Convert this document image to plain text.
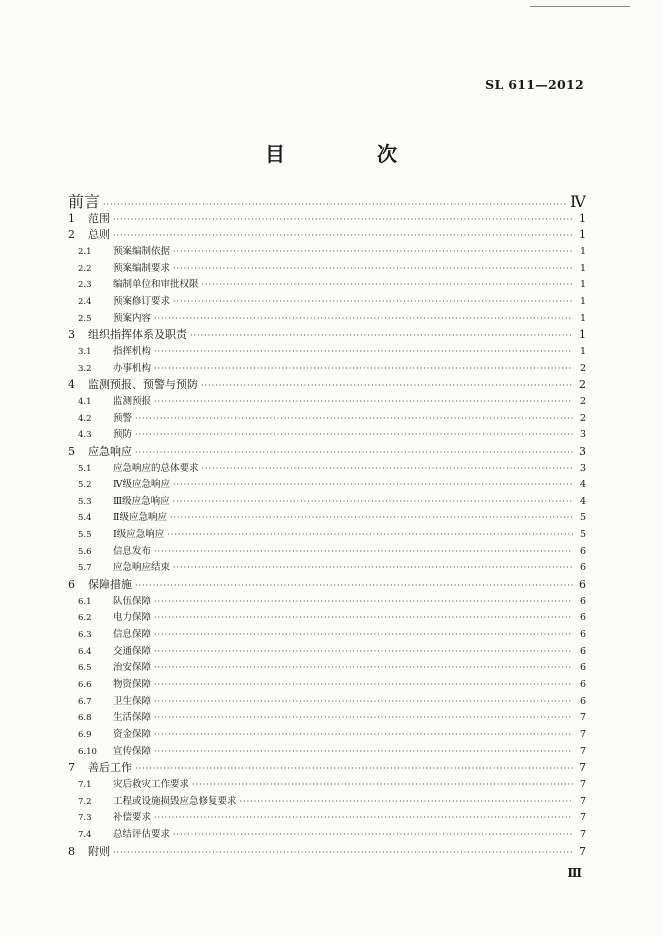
SL 611—2012
目　次
前言 ·····	Ⅳ
1	范围 ·····	1
2	总则 ·····	1
2.1	预案编制依据 ·····	1
2.2	预案编制要求 ·····	1
2.3	编制单位和审批权限 ·····	1
2.4	预案修订要求 ·····	1
2.5	预案内容 ·····	1
3	组织指挥体系及职责 ·····	1
3.1	指挥机构 ·····	1
3.2	办事机构 ·····	2
4	监测预报、预警与预防 ·····	2
4.1	监测预报 ·····	2
4.2	预警 ·····	2
4.3	预防 ·····	3
5	应急响应 ·····	3
5.1	应急响应的总体要求 ·····	3
5.2	Ⅳ级应急响应 ·····	4
5.3	Ⅲ级应急响应 ·····	4
5.4	Ⅱ级应急响应 ·····	5
5.5	Ⅰ级应急响应 ·····	5
5.6	信息发布 ·····	6
5.7	应急响应结束 ·····	6
6	保障措施 ·····	6
6.1	队伍保障 ·····	6
6.2	电力保障 ·····	6
6.3	信息保障 ·····	6
6.4	交通保障 ·····	6
6.5	治安保障 ·····	6
6.6	物资保障 ·····	6
6.7	卫生保障 ·····	6
6.8	生活保障 ·····	7
6.9	资金保障 ·····	7
6.10	宣传保障 ·····	7
7	善后工作 ·····	7
7.1	灾后救灾工作要求 ·····	7
7.2	工程或设施损毁应急修复要求 ·····	7
7.3	补偿要求 ·····	7
7.4	总结评估要求 ·····	7
8	附则 ·····	7
Ⅲ
